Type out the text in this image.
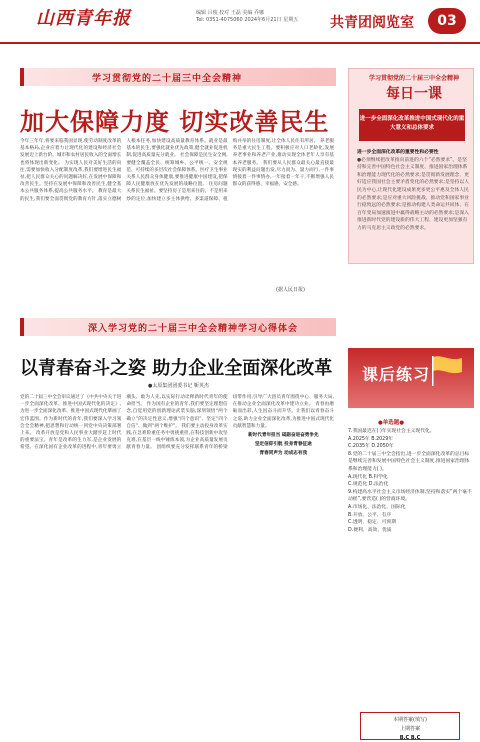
山西青年报	编辑 吕俊 校对 王磊 美编 乔娜
Tel: 0351-4075060 2024年6月21日 星期五 共青团阅览室	03
学习贯彻党的二十届三中全会精神
加大保障力度 切实改善民生
今年三年年,将要来临我国显现,使劳动制度改革的基本格局,企业应着力让现代化的建设和经济社会发展迈上新台阶。城市和农村居民收入的全面增长也将体现出新变化。 为实现人民对美好生活的向往,需要加快收入分配制度改革,我们要增进民生福祉,把人民群众关心的问题解决好,在发展中保障和改善民生。坚持在发展中保障和改善民生,健全基本公共服务体系,提高公共服务水平。 教育是最大的民生,我们要全面贯彻党的教育方针,落实立德树人根本任务,加快建设高质量教育体系。就业是最基本的民生,要强化就业优先政策,健全就业促进机制,促进高质量充分就业。 社会保障是民生安全网,要健全覆盖全民、统筹城乡、公平统一、安全规范、可持续的多层次社会保障体系。医疗卫生事业关系人民群众身体健康,要推进健康中国建设,把保障人民健康放在优先发展的战略位置。 住房问题关系民生福祉。要坚持房子是用来住的、不是用来炒的定位,加快建立多主体供给、多渠道保障、租购并举的住房制度,让全体人民住有所居。 养老服务是重大民生工程。要积极应对人口老龄化,发展养老事业和养老产业,推动实现全体老年人享有基本养老服务。 我们要从人民群众最关心最直接最现实的利益问题出发,尽力而为、量力而行,一件事情接着一件事情办,一年接着一年干,不断增强人民群众的获得感、幸福感、安全感。
(据人民日报)
深入学习党的二十届三中全会精神学习心得体会
以青春奋斗之姿 助力企业全面深化改革
●太原集团团委书记 靳英杰
党的二十届三中全会审议通过了《中共中央关于进一步全面深化改革、推进中国式现代化的决定》,为进一步全面深化改革、推进中国式现代化擘画了宏伟蓝图。作为新时代的青年,我们要深入学习领会全会精神,把思想和行动统一到党中央决策部署上来。 改革开放是党和人民事业大踏步赶上时代的重要法宝。青年是改革的生力军,是企业发展的希望。在深化国有企业改革的进程中,青年要勇立潮头、敢为人先,以实际行动诠释新时代青年的使命担当。 作为国有企业的青年,我们要坚定理想信念,自觉用党的创新理论武装头脑,深刻领悟“两个确立”的决定性意义,增强“四个意识”、坚定“四个自信”、做到“两个维护”。 我们要主动投身改革实践,在急难险重任务中勇挑重担,在科技创新中攻坚克难,在基层一线中锤炼本领,为企业高质量发展贡献青春力量。 团组织要充分发挥联系青年的桥梁纽带作用,引导广大团员青年围绕中心、服务大局,在推动企业全面深化改革中建功立业。 青春由磨砺而出彩,人生因奋斗而升华。让我们以青春奋斗之姿,助力企业全面深化改革,为推进中国式现代化贡献智慧和力量。
新时代青年担当 砥砺奋进奋勇争先
坚定信仰引航 投身青春征途
青春同声为 动成志有我
学习贯彻党的二十届三中全会精神
每日一课
进一步全面深化改革推进中国式现代化的重大意义和总体要求
进一步全面深化改革的重要性和必要性
●必须继续把改革推向前进的六个“必然要求”。是坚持和完善中国特色社会主义制度、推进国家治理体系和治理能力现代化的必然要求;是贯彻新发展理念、更好适应我国社会主要矛盾变化的必然要求;是坚持以人民为中心,让现代化建设成果更多更公平惠及全体人民的必然要求;是应对重大风险挑战、推动党和国家事业行稳致远的必然要求;是推动构建人类命运共同体、在百年变局加速演进中赢得战略主动的必然要求;是深入推进新时代党的建设新的伟大工程、建设更加坚强有力的马克思主义政党的必然要求。
课后练习
●单选题●
7.我国最迟在( )年实现社会主义现代化。
A.2025年 B.2029年
C.2035年 D.2050年
8.党的二十届三中全会指出,进一步全面深化改革的总目标是继续完善和发展中国特色社会主义制度,推进国家治理体系和治理能力( )。
A.现代化 B.科学化
C.规范化 D.法治化
9.构建高水平社会主义市场经济体制,坚持和落实“两个毫不动摇”,要营造( )的营商环境。
A.市场化、法治化、国际化
B.开放、公平、有序
C.透明、稳定、可预期
D.便利、高效、优质
本期答案(填写)
上期答案
B.C B.C
